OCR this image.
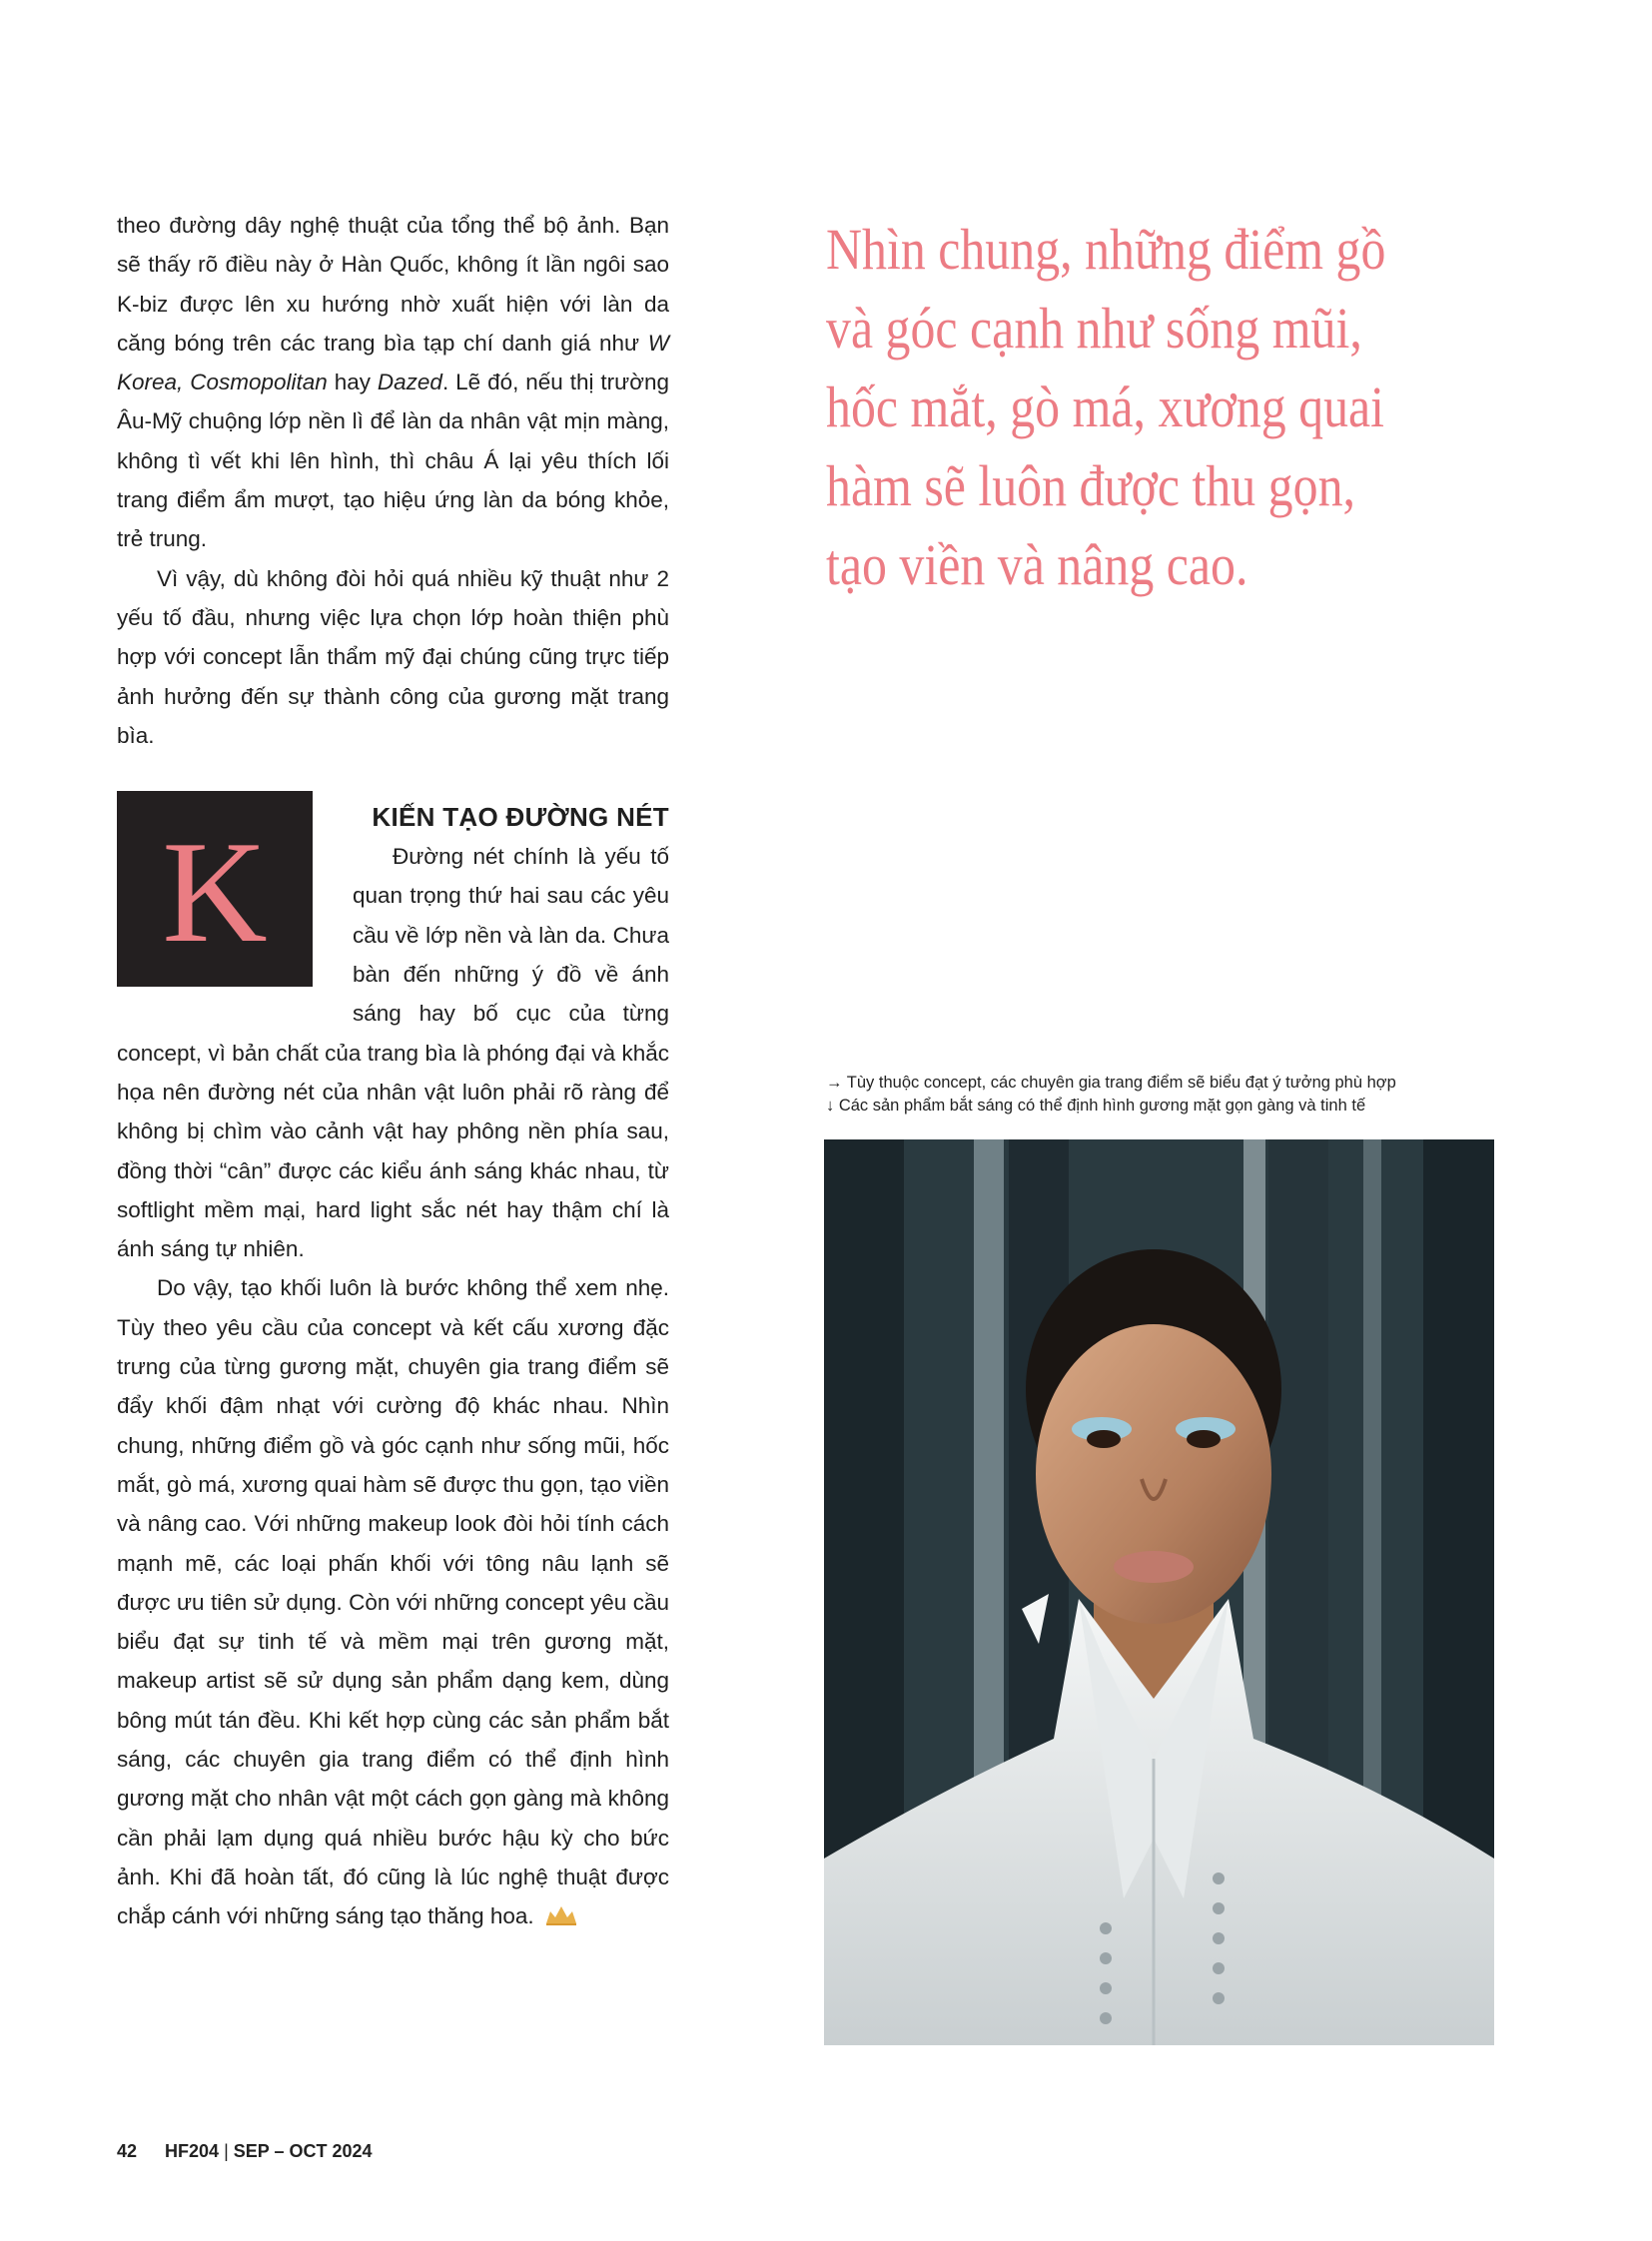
theo đường dây nghệ thuật của tổng thể bộ ảnh. Bạn sẽ thấy rõ điều này ở Hàn Quốc, không ít lần ngôi sao K-biz được lên xu hướng nhờ xuất hiện với làn da căng bóng trên các trang bìa tạp chí danh giá như W Korea, Cosmopolitan hay Dazed. Lẽ đó, nếu thị trường Âu-Mỹ chuộng lớp nền lì để làn da nhân vật mịn màng, không tì vết khi lên hình, thì châu Á lại yêu thích lối trang điểm ẩm mượt, tạo hiệu ứng làn da bóng khỏe, trẻ trung.

Vì vậy, dù không đòi hỏi quá nhiều kỹ thuật như 2 yếu tố đầu, nhưng việc lựa chọn lớp hoàn thiện phù hợp với concept lẫn thẩm mỹ đại chúng cũng trực tiếp ảnh hưởng đến sự thành công của gương mặt trang bìa.

K	KIẾN TẠO ĐƯỜNG NÉT

Đường nét chính là yếu tố quan trọng thứ hai sau các yêu cầu về lớp nền và làn da. Chưa bàn đến những ý đồ về ánh sáng hay bố cục của từng concept, vì bản chất của trang bìa là phóng đại và khắc họa nên đường nét của nhân vật luôn phải rõ ràng để không bị chìm vào cảnh vật hay phông nền phía sau, đồng thời “cân” được các kiểu ánh sáng khác nhau, từ softlight mềm mại, hard light sắc nét hay thậm chí là ánh sáng tự nhiên.

Do vậy, tạo khối luôn là bước không thể xem nhẹ. Tùy theo yêu cầu của concept và kết cấu xương đặc trưng của từng gương mặt, chuyên gia trang điểm sẽ đẩy khối đậm nhạt với cường độ khác nhau. Nhìn chung, những điểm gồ và góc cạnh như sống mũi, hốc mắt, gò má, xương quai hàm sẽ được thu gọn, tạo viền và nâng cao. Với những makeup look đòi hỏi tính cách mạnh mẽ, các loại phấn khối với tông nâu lạnh sẽ được ưu tiên sử dụng. Còn với những concept yêu cầu biểu đạt sự tinh tế và mềm mại trên gương mặt, makeup artist sẽ sử dụng sản phẩm dạng kem, dùng bông mút tán đều. Khi kết hợp cùng các sản phẩm bắt sáng, các chuyên gia trang điểm có thể định hình gương mặt cho nhân vật một cách gọn gàng mà không cần phải lạm dụng quá nhiều bước hậu kỳ cho bức ảnh. Khi đã hoàn tất, đó cũng là lúc nghệ thuật được chắp cánh với những sáng tạo thăng hoa.

Nhìn chung, những điểm gồ và góc cạnh như sống mũi, hốc mắt, gò má, xương quai hàm sẽ luôn được thu gọn, tạo viền và nâng cao.
→ Tùy thuộc concept, các chuyên gia trang điểm sẽ biểu đạt ý tưởng phù hợp
↓ Các sản phẩm bắt sáng có thể định hình gương mặt gọn gàng và tinh tế
42 HF204 | SEP – OCT 2024
